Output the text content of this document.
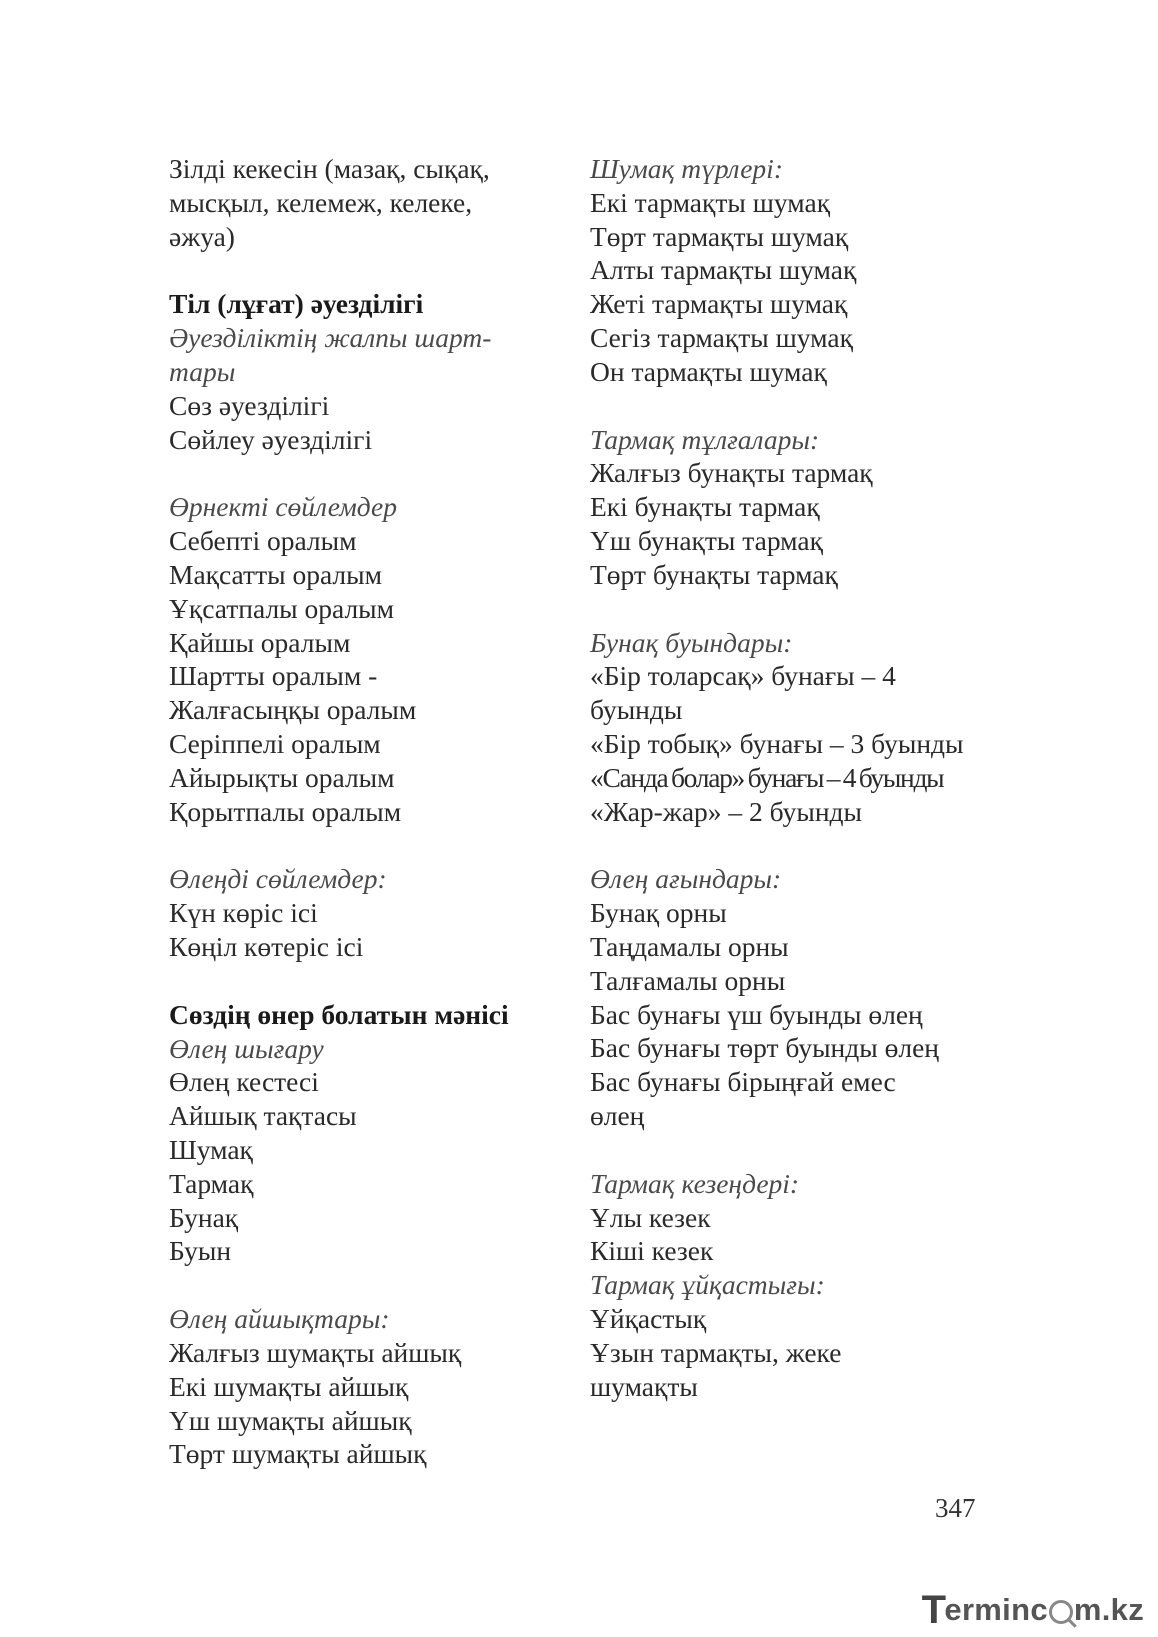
Зілді кекесін (мазақ, сықақ,
мысқыл, келемеж, келеке,
әжуа)
Тіл (лұғат) әуезділігі
Әуезділіктің жалпы шарт-
тары
Сөз әуезділігі
Сөйлеу әуезділігі
Өрнекті сөйлемдер
Себепті оралым
Мақсатты оралым
Ұқсатпалы оралым
Қайшы оралым
Шартты оралым -
Жалғасыңқы оралым
Серіппелі оралым
Айырықты оралым
Қорытпалы оралым
Өлеңді сөйлемдер:
Күн көріс ісі
Көңіл көтеріс ісі
Сөздің өнер болатын мәнісі
Өлең шығару
Өлең кестесі
Айшық тақтасы
Шумақ
Тармақ
Бунақ
Буын
Өлең айшықтары:
Жалғыз шумақты айшық
Екі шумақты айшық
Үш шумақты айшық
Төрт шумақты айшық
Шумақ түрлері:
Екі тармақты шумақ
Төрт тармақты шумақ
Алты тармақты шумақ
Жеті тармақты шумақ
Сегіз тармақты шумақ
Он тармақты шумақ
Тармақ тұлғалары:
Жалғыз бунақты тармақ
Екі бунақты тармақ
Үш бунақты тармақ
Төрт бунақты тармақ
Бунақ буындары:
«Бір толарсақ» бунағы – 4
буынды
«Бір тобық» бунағы – 3 буынды
«Санда болар» бунағы – 4 буынды
«Жар-жар» – 2 буынды
Өлең ағындары:
Бунақ орны
Таңдамалы орны
Талғамалы орны
Бас бунағы үш буынды өлең
Бас бунағы төрт буынды өлең
Бас бунағы бірыңғай емес
өлең
Тармақ кезеңдері:
Ұлы кезек
Кіші кезек
Тармақ ұйқастығы:
Ұйқастық
Ұзын тармақты, жеке
шумақты
347
T
erminc m.kz
